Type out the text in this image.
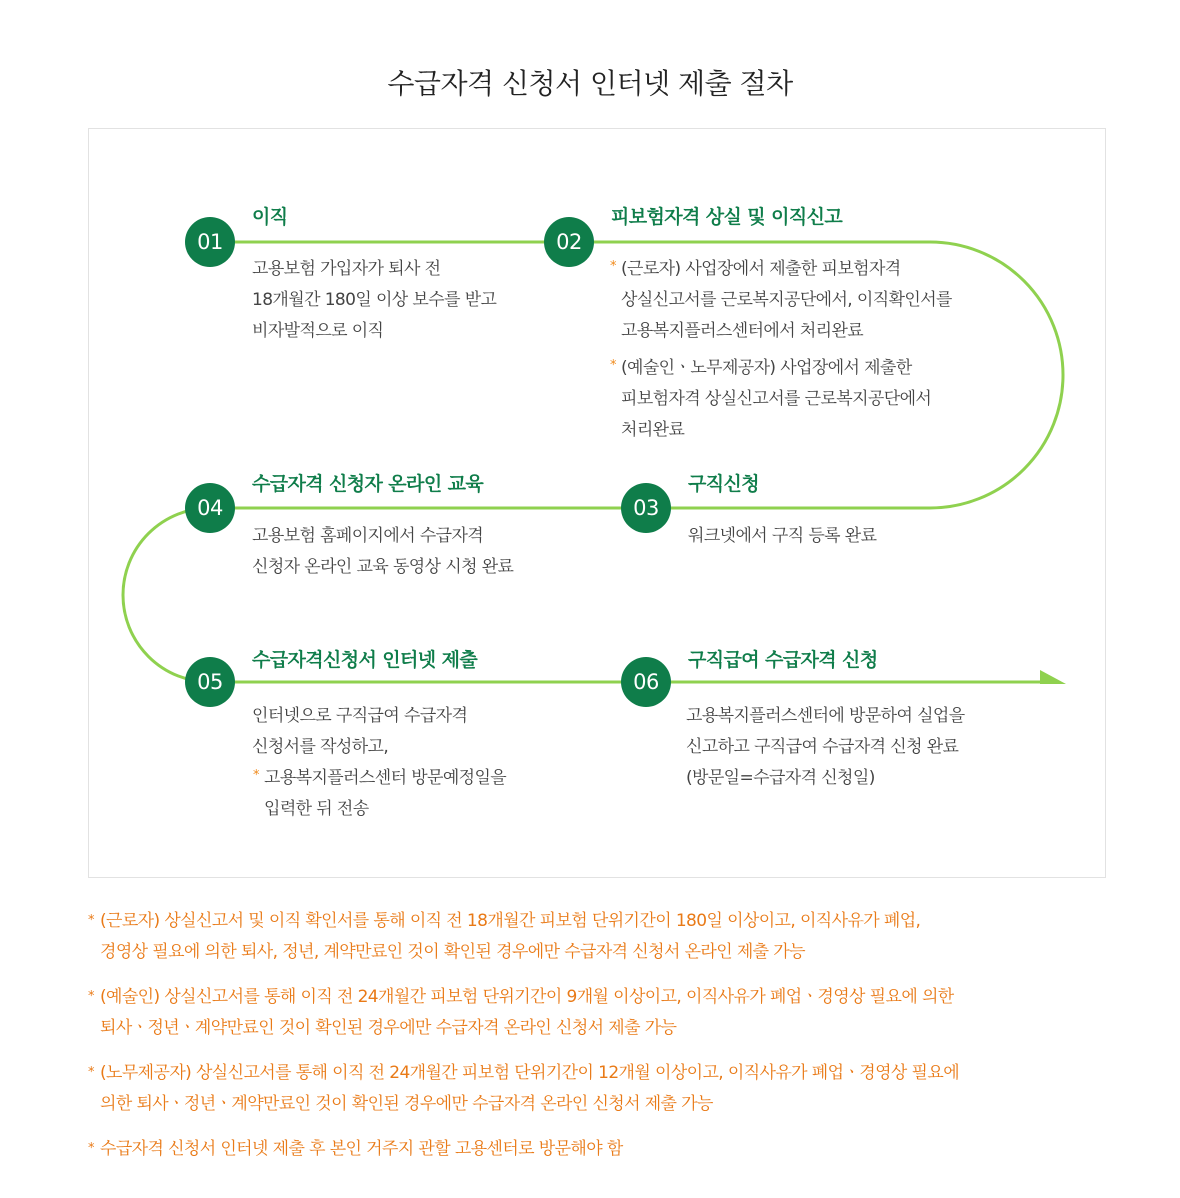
수급자격 신청서 인터넷 제출 절차
01
이직
고용보험 가입자가 퇴사 전
18개월간 180일 이상 보수를 받고
비자발적으로 이직
02
피보험자격 상실 및 이직신고
* (근로자) 사업장에서 제출한 피보험자격
상실신고서를 근로복지공단에서, 이직확인서를
고용복지플러스센터에서 처리완료
* (예술인ㆍ노무제공자) 사업장에서 제출한
피보험자격 상실신고서를 근로복지공단에서
처리완료
03
구직신청
워크넷에서 구직 등록 완료
04
수급자격 신청자 온라인 교육
고용보험 홈페이지에서 수급자격
신청자 온라인 교육 동영상 시청 완료
05
수급자격신청서 인터넷 제출
인터넷으로 구직급여 수급자격
신청서를 작성하고,
* 고용복지플러스센터 방문예정일을
입력한 뒤 전송
06
구직급여 수급자격 신청
고용복지플러스센터에 방문하여 실업을
신고하고 구직급여 수급자격 신청 완료
(방문일=수급자격 신청일)
* (근로자) 상실신고서 및 이직 확인서를 통해 이직 전 18개월간 피보험 단위기간이 180일 이상이고, 이직사유가 폐업,
경영상 필요에 의한 퇴사, 정년, 계약만료인 것이 확인된 경우에만 수급자격 신청서 온라인 제출 가능
* (예술인) 상실신고서를 통해 이직 전 24개월간 피보험 단위기간이 9개월 이상이고, 이직사유가 폐업ㆍ경영상 필요에 의한
퇴사ㆍ정년ㆍ계약만료인 것이 확인된 경우에만 수급자격 온라인 신청서 제출 가능
* (노무제공자) 상실신고서를 통해 이직 전 24개월간 피보험 단위기간이 12개월 이상이고, 이직사유가 폐업ㆍ경영상 필요에
의한 퇴사ㆍ정년ㆍ계약만료인 것이 확인된 경우에만 수급자격 온라인 신청서 제출 가능
* 수급자격 신청서 인터넷 제출 후 본인 거주지 관할 고용센터로 방문해야 함
